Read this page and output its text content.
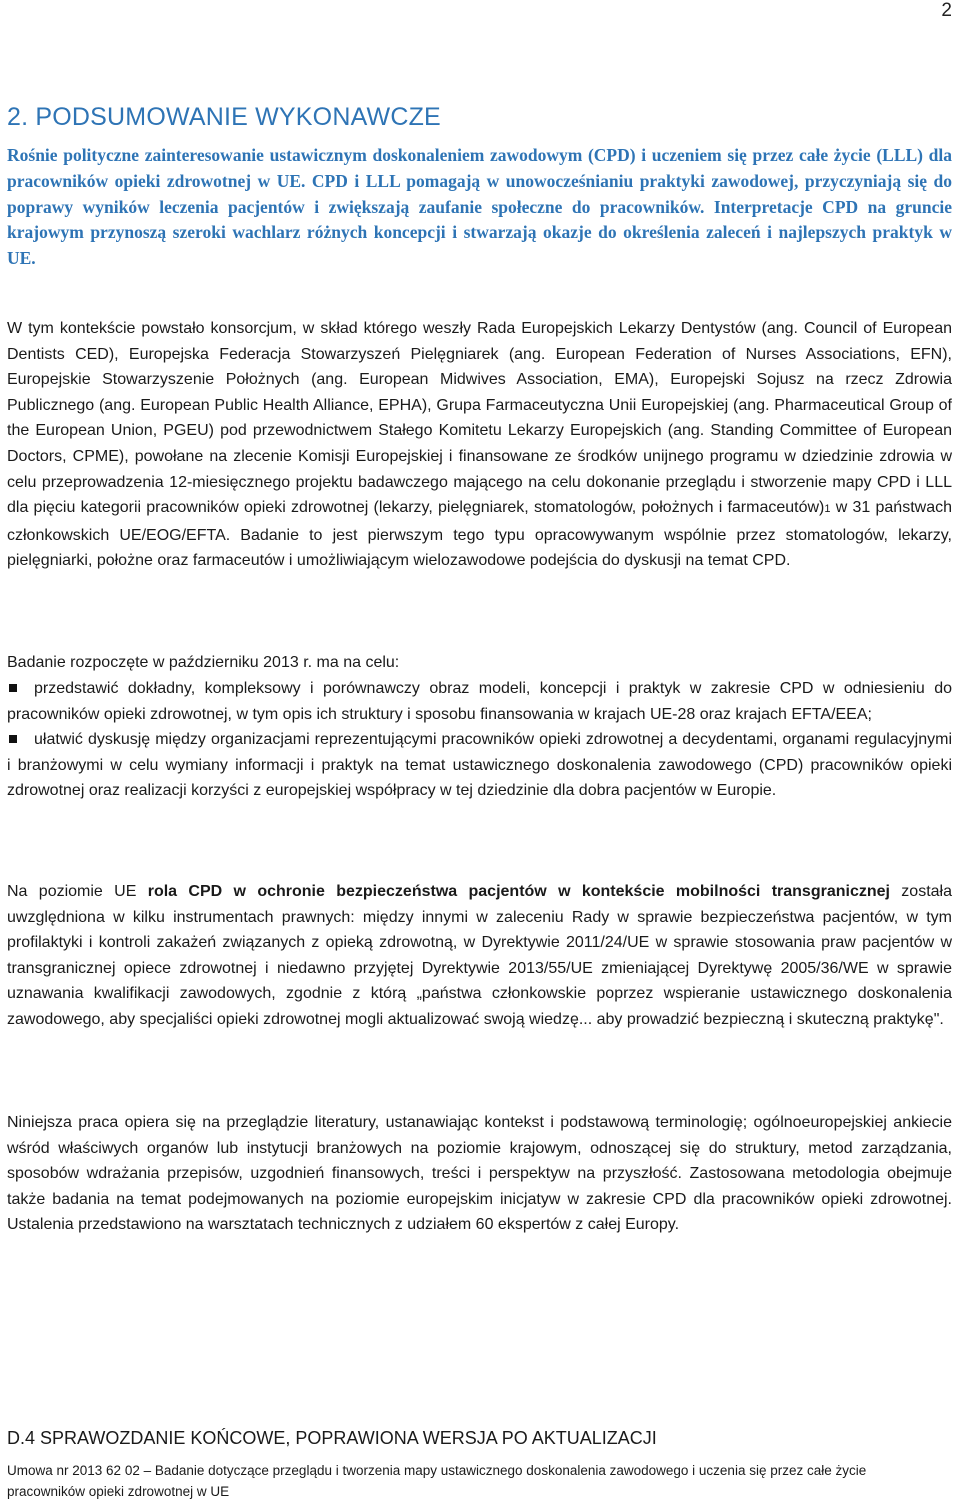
2
2. PODSUMOWANIE WYKONAWCZE

Rośnie polityczne zainteresowanie ustawicznym doskonaleniem zawodowym (CPD) i uczeniem się przez całe życie (LLL) dla pracowników opieki zdrowotnej w UE. CPD i LLL pomagają w unowocześnianiu praktyki zawodowej, przyczyniają się do poprawy wyników leczenia pacjentów i zwiększają zaufanie społeczne do pracowników. Interpretacje CPD na gruncie krajowym przynoszą szeroki wachlarz różnych koncepcji i stwarzają okazje do określenia zaleceń i najlepszych praktyk w UE.

W tym kontekście powstało konsorcjum, w skład którego weszły Rada Europejskich Lekarzy Dentystów (ang. Council of European Dentists CED), Europejska Federacja Stowarzyszeń Pielęgniarek (ang. European Federation of Nurses Associations, EFN), Europejskie Stowarzyszenie Położnych (ang. European Midwives Association, EMA), Europejski Sojusz na rzecz Zdrowia Publicznego (ang. European Public Health Alliance, EPHA), Grupa Farmaceutyczna Unii Europejskiej (ang. Pharmaceutical Group of the European Union, PGEU) pod przewodnictwem Stałego Komitetu Lekarzy Europejskich (ang. Standing Committee of European Doctors, CPME), powołane na zlecenie Komisji Europejskiej i finansowane ze środków unijnego programu w dziedzinie zdrowia w celu przeprowadzenia 12-miesięcznego projektu badawczego mającego na celu dokonanie przeglądu i stworzenie mapy CPD i LLL dla pięciu kategorii pracowników opieki zdrowotnej (lekarzy, pielęgniarek, stomatologów, położnych i farmaceutów)1 w 31 państwach członkowskich UE/EOG/EFTA. Badanie to jest pierwszym tego typu opracowywanym wspólnie przez stomatologów, lekarzy, pielęgniarki, położne oraz farmaceutów i umożliwiającym wielozawodowe podejścia do dyskusji na temat CPD.

Badanie rozpoczęte w październiku 2013 r. ma na celu:

przedstawić dokładny, kompleksowy i porównawczy obraz modeli, koncepcji i praktyk w zakresie CPD w odniesieniu do pracowników opieki zdrowotnej, w tym opis ich struktury i sposobu finansowania w krajach UE-28 oraz krajach EFTA/EEA;
ułatwić dyskusję między organizacjami reprezentującymi pracowników opieki zdrowotnej a decydentami, organami regulacyjnymi i branżowymi w celu wymiany informacji i praktyk na temat ustawicznego doskonalenia zawodowego (CPD) pracowników opieki zdrowotnej oraz realizacji korzyści z europejskiej współpracy w tej dziedzinie dla dobra pacjentów w Europie.

Na poziomie UE rola CPD w ochronie bezpieczeństwa pacjentów w kontekście mobilności transgranicznej została uwzględniona w kilku instrumentach prawnych: między innymi w zaleceniu Rady w sprawie bezpieczeństwa pacjentów, w tym profilaktyki i kontroli zakażeń związanych z opieką zdrowotną, w Dyrektywie 2011/24/UE w sprawie stosowania praw pacjentów w transgranicznej opiece zdrowotnej i niedawno przyjętej Dyrektywie 2013/55/UE zmieniającej Dyrektywę 2005/36/WE w sprawie uznawania kwalifikacji zawodowych, zgodnie z którą „państwa członkowskie poprzez wspieranie ustawicznego doskonalenia zawodowego, aby specjaliści opieki zdrowotnej mogli aktualizować swoją wiedzę... aby prowadzić bezpieczną i skuteczną praktykę".

Niniejsza praca opiera się na przeglądzie literatury, ustanawiając kontekst i podstawową terminologię; ogólnoeuropejskiej ankiecie wśród właściwych organów lub instytucji branżowych na poziomie krajowym, odnoszącej się do struktury, metod zarządzania, sposobów wdrażania przepisów, uzgodnień finansowych, treści i perspektyw na przyszłość. Zastosowana metodologia obejmuje także badania na temat podejmowanych na poziomie europejskim inicjatyw w zakresie CPD dla pracowników opieki zdrowotnej. Ustalenia przedstawiono na warsztatach technicznych z udziałem 60 ekspertów z całej Europy.

D.4 SPRAWOZDANIE KOŃCOWE, POPRAWIONA WERSJA PO AKTUALIZACJI
Umowa nr 2013 62 02 – Badanie dotyczące przeglądu i tworzenia mapy ustawicznego doskonalenia zawodowego i uczenia się przez całe życie pracowników opieki zdrowotnej w UE
